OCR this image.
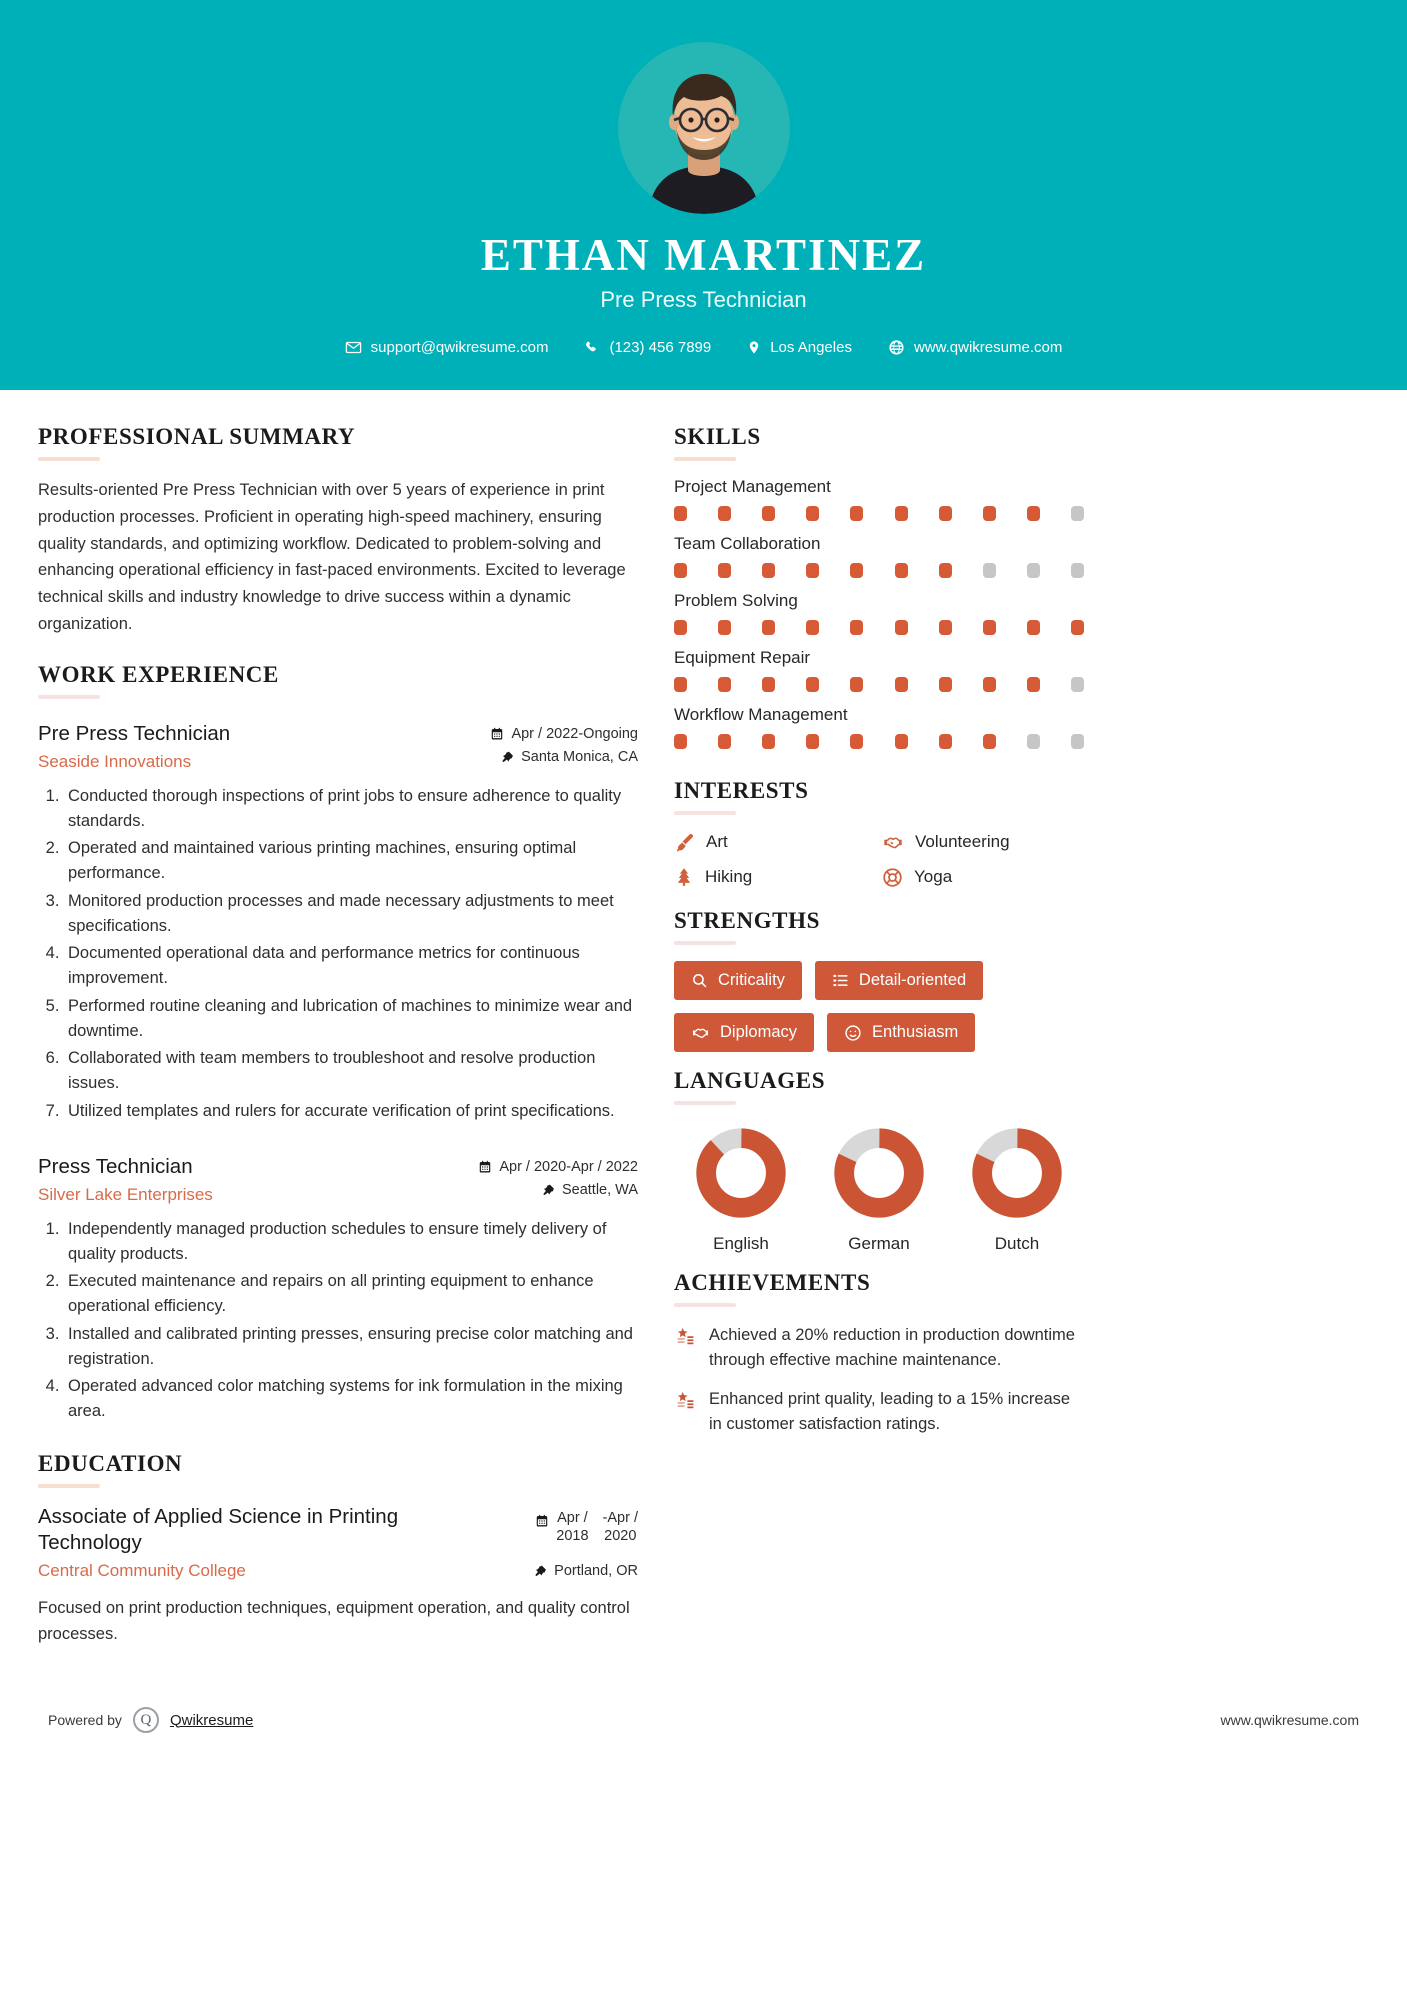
ETHAN MARTINEZ
Pre Press Technician
support@qwikresume.com	(123) 456 7899	Los Angeles	www.qwikresume.com
PROFESSIONAL SUMMARY

Results-oriented Pre Press Technician with over 5 years of experience in print production processes. Proficient in operating high-speed machinery, ensuring quality standards, and optimizing workflow. Dedicated to problem-solving and enhancing operational efficiency in fast-paced environments. Excited to leverage technical skills and industry knowledge to drive success within a dynamic organization.

WORK EXPERIENCE
Pre Press Technician
Seaside Innovations
Apr / 2022-Ongoing
Santa Monica, CA
1. Conducted thorough inspections of print jobs to ensure adherence to quality standards.
2. Operated and maintained various printing machines, ensuring optimal performance.
3. Monitored production processes and made necessary adjustments to meet specifications.
4. Documented operational data and performance metrics for continuous improvement.
5. Performed routine cleaning and lubrication of machines to minimize wear and downtime.
6. Collaborated with team members to troubleshoot and resolve production issues.
7. Utilized templates and rulers for accurate verification of print specifications.
Press Technician
Silver Lake Enterprises
Apr / 2020-Apr / 2022
Seattle, WA
1. Independently managed production schedules to ensure timely delivery of quality products.
2. Executed maintenance and repairs on all printing equipment to enhance operational efficiency.
3. Installed and calibrated printing presses, ensuring precise color matching and registration.
4. Operated advanced color matching systems for ink formulation in the mixing area.
EDUCATION
Associate of Applied Science in Printing Technology
Central Community College
Apr /
2018
-Apr /
2020
Portland, OR

Focused on print production techniques, equipment operation, and quality control processes.

SKILLS
Project Management
Team Collaboration
Problem Solving
Equipment Repair
Workflow Management
INTERESTS
Art	Volunteering
Hiking	Yoga
STRENGTHS
Criticality	Detail-oriented
Diplomacy	Enthusiasm
LANGUAGES
English	German	Dutch
ACHIEVEMENTS
Achieved a 20% reduction in production downtime through effective machine maintenance.
Enhanced print quality, leading to a 15% increase in customer satisfaction ratings.
Powered by Q Qwikresume	www.qwikresume.com
